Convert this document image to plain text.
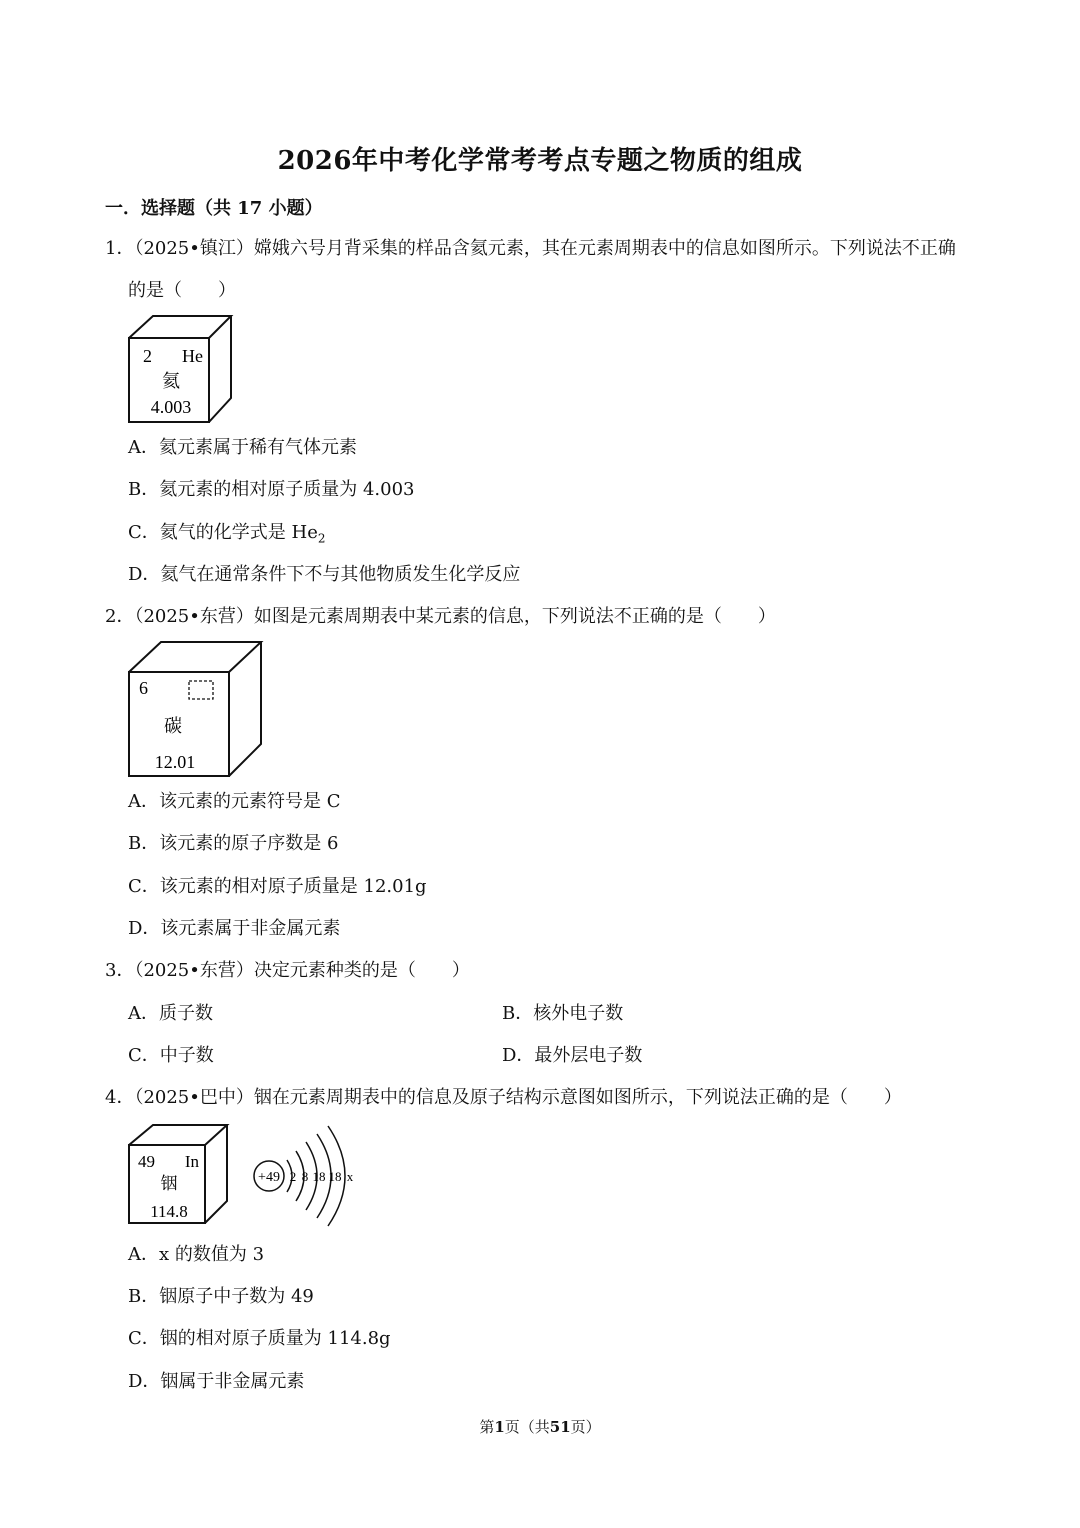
2026年中考化学常考考点专题之物质的组成
一．选择题（共 17 小题）
1．（2025•镇江）嫦娥六号月背采集的样品含氦元素，其在元素周期表中的信息如图所示。下列说法不正确
的是（　　）
2 He
氦
4.003
A．氦元素属于稀有气体元素
B．氦元素的相对原子质量为 4.003
C．氦气的化学式是 $He_2$
D．氦气在通常条件下不与其他物质发生化学反应
2．（2025•东营）如图是元素周期表中某元素的信息，下列说法不正确的是（　　）
6
碳
12.01
A．该元素的元素符号是 C
B．该元素的原子序数是 6
C．该元素的相对原子质量是 12.01g
D．该元素属于非金属元素
3．（2025•东营）决定元素种类的是（　　）
A．质子数	B．核外电子数
C．中子数	D．最外层电子数
4．（2025•巴中）铟在元素周期表中的信息及原子结构示意图如图所示，下列说法正确的是（　　）
49 In
铟
114.8
+49 2 8 18 18 x
A．x 的数值为 3
B．铟原子中子数为 49
C．铟的相对原子质量为 114.8g
D．铟属于非金属元素
第1页（共51页）
